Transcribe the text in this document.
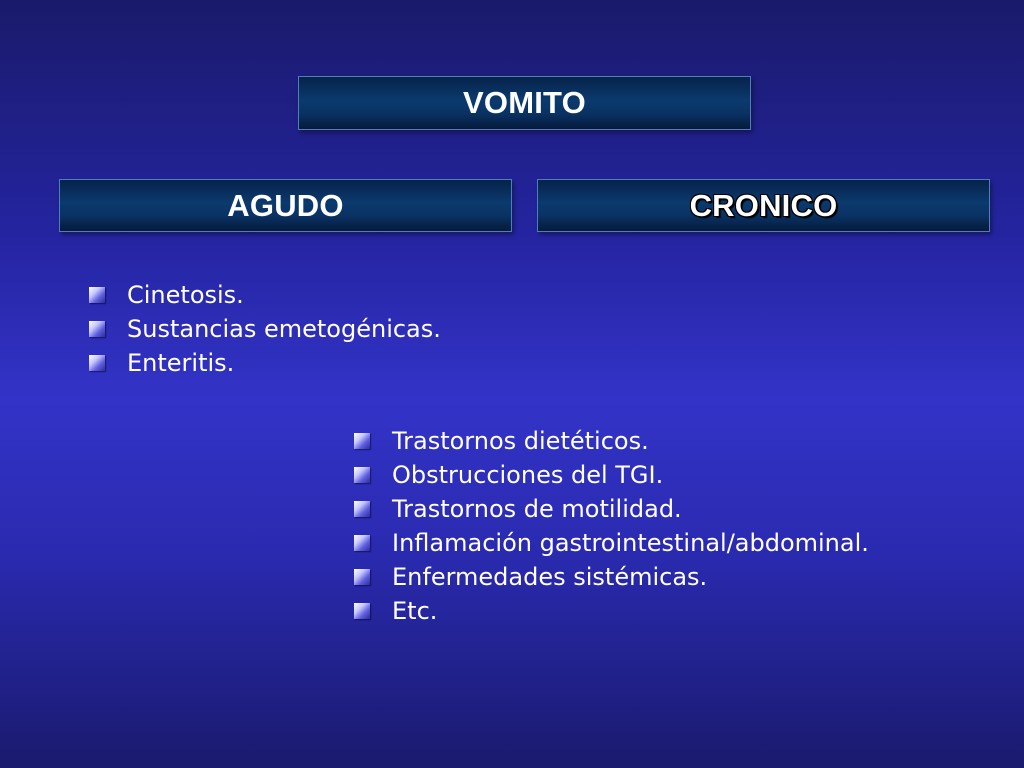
VOMITO
AGUDO	CRONICO
Cinetosis.
Sustancias emetogénicas.
Enteritis.
Trastornos dietéticos.
Obstrucciones del TGI.
Trastornos de motilidad.
Inflamación gastrointestinal/abdominal.
Enfermedades sistémicas.
Etc.
